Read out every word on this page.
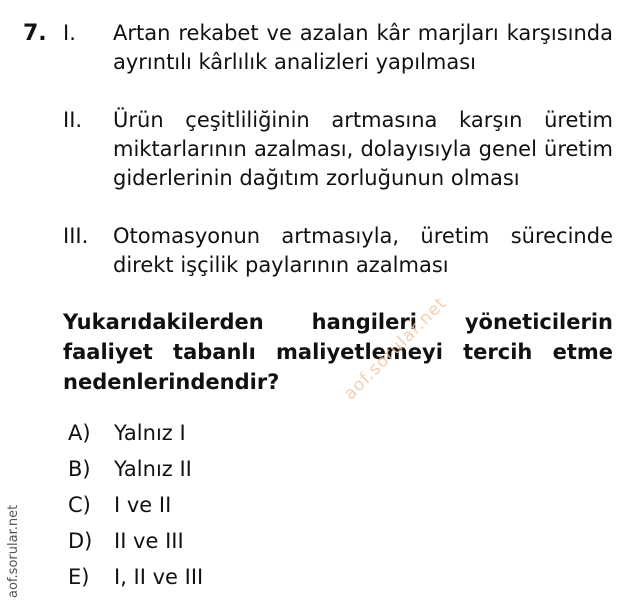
7. I.	Artan rekabet ve azalan kâr marjları karşısında ayrıntılı kârlılık analizleri yapılması
II.	Ürün çeşitliliğinin artmasına karşın üretim miktarlarının azalması, dolayısıyla genel üretim giderlerinin dağıtım zorluğunun olması
III.	Otomasyonun artmasıyla, üretim sürecinde direkt işçilik paylarının azalması
Yukarıdakilerden hangileri yöneticilerin faaliyet tabanlı maliyetlemeyi tercih etme nedenlerindendir?
A) Yalnız I
B) Yalnız II
C) I ve II
D) II ve III
E) I, II ve III
aof.sorular.net
aof.sorular.net
